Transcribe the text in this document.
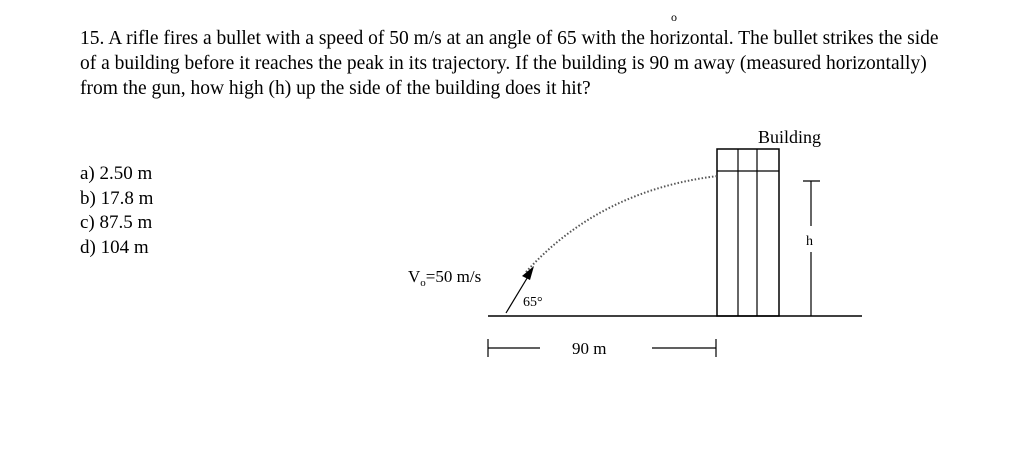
15. A rifle fires a bullet with a speed of 50 m/s at an angle of 65 with the horizontal. The bullet strikes the side of a building before it reaches the peak in its trajectory. If the building is 90 m away (measured horizontally) from the gun, how high (h) up the side of the building does it hit?

o
a) 2.50 m
b) 17.8 m
c) 87.5 m
d) 104 m
Building
h
$V_o=50$ m/s
65°
90 m
